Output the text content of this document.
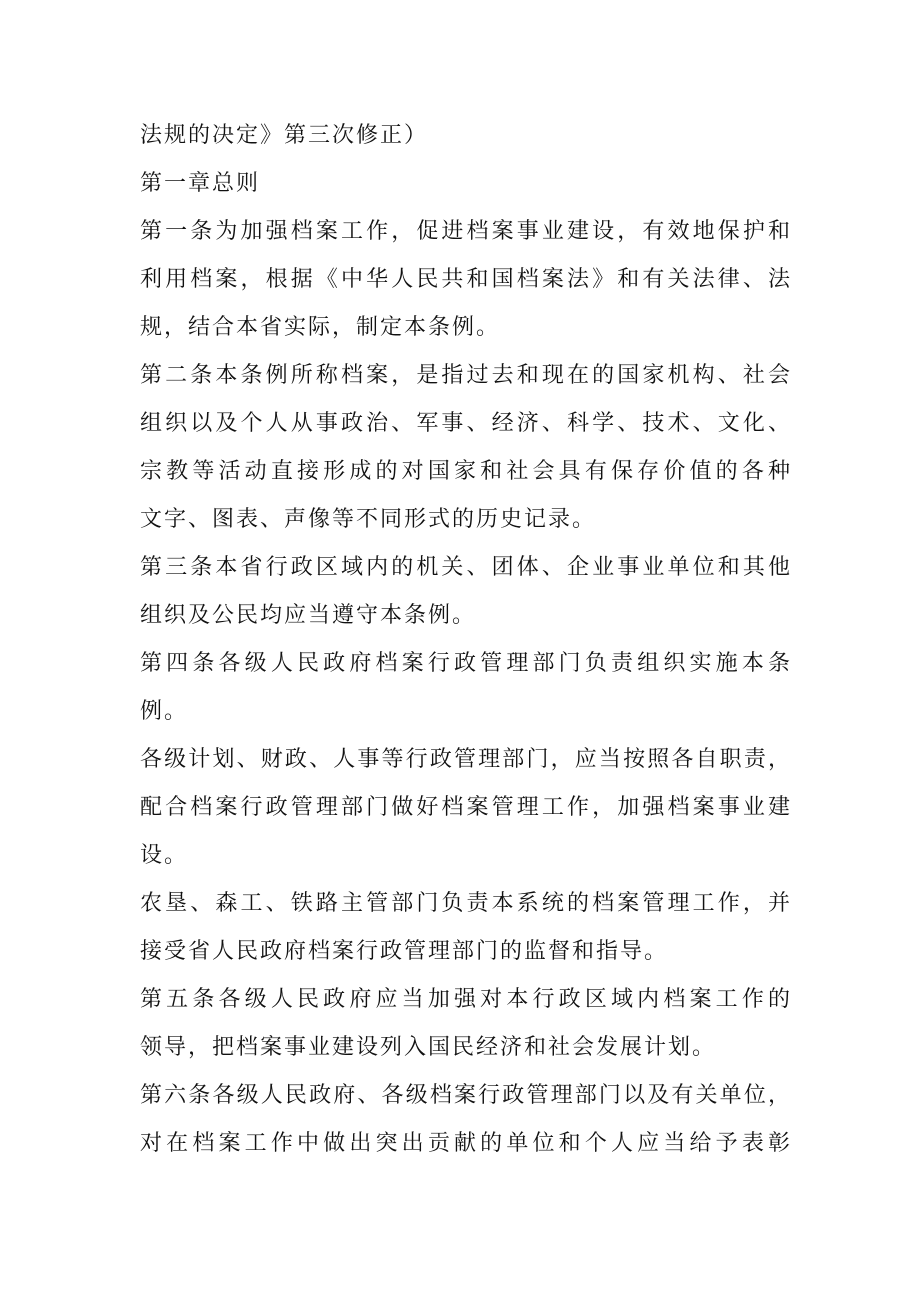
法规的决定》第三次修正）
第一章总则
第一条为加强档案工作，促进档案事业建设，有效地保护和
利用档案，根据《中华人民共和国档案法》和有关法律、法
规，结合本省实际，制定本条例。
第二条本条例所称档案，是指过去和现在的国家机构、社会
组织以及个人从事政治、军事、经济、科学、技术、文化、
宗教等活动直接形成的对国家和社会具有保存价值的各种
文字、图表、声像等不同形式的历史记录。
第三条本省行政区域内的机关、团体、企业事业单位和其他
组织及公民均应当遵守本条例。
第四条各级人民政府档案行政管理部门负责组织实施本条
例。
各级计划、财政、人事等行政管理部门，应当按照各自职责，
配合档案行政管理部门做好档案管理工作，加强档案事业建
设。
农垦、森工、铁路主管部门负责本系统的档案管理工作，并
接受省人民政府档案行政管理部门的监督和指导。
第五条各级人民政府应当加强对本行政区域内档案工作的
领导，把档案事业建设列入国民经济和社会发展计划。
第六条各级人民政府、各级档案行政管理部门以及有关单位，
对在档案工作中做出突出贡献的单位和个人应当给予表彰
